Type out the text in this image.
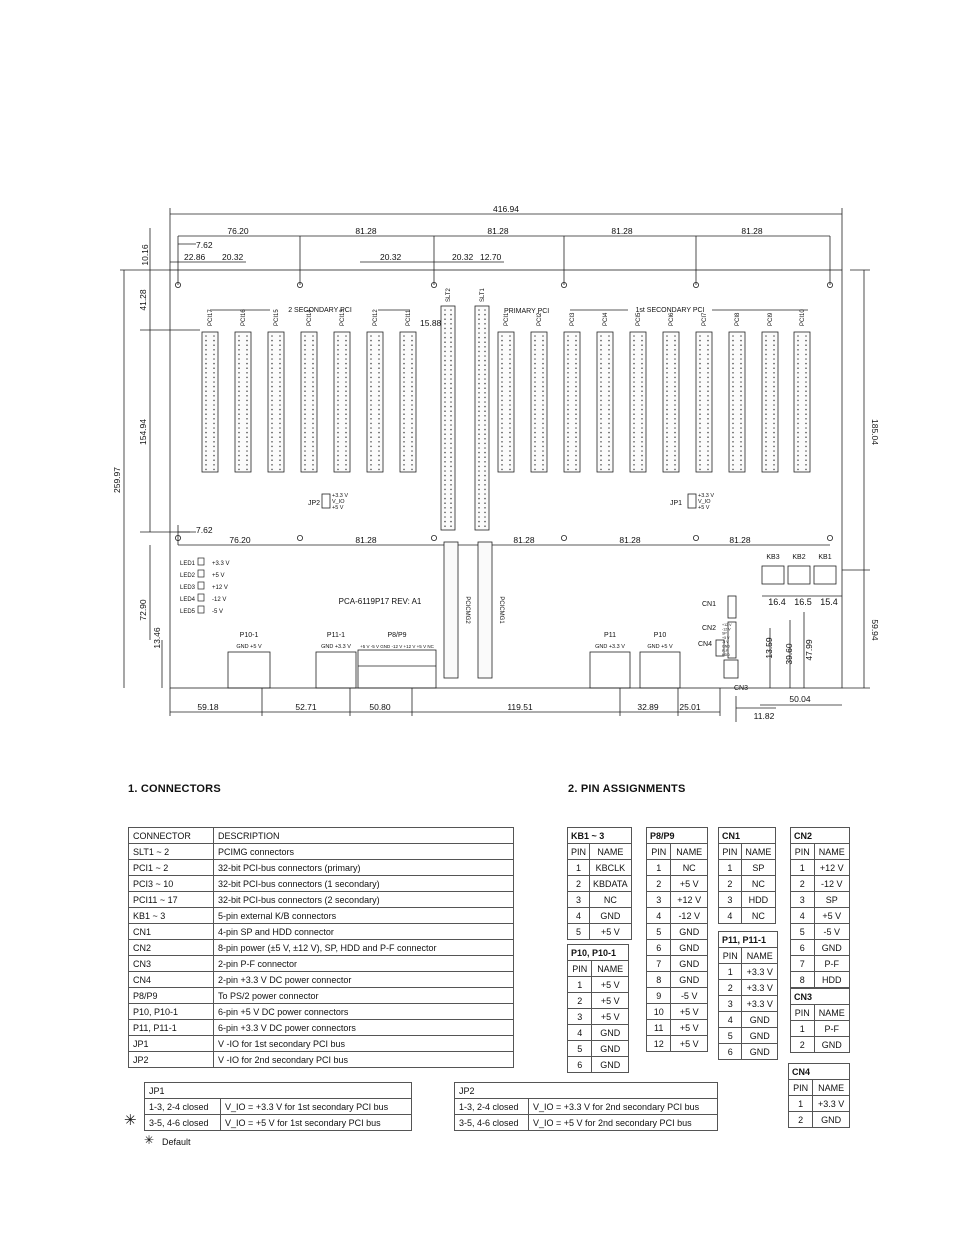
416.94
76.20	81.28	81.28	81.28	81.28
7.62
22.86 20.32	20.32	20.32 12.70
15.88
10.16
41.28
154.94
259.97
72.90
13.46
185.04
59.94
7.62
76.20	81.28	81.28	81.28	81.28
59.18	52.71	50.80	119.51	32.89 25.01
11.82
50.04
16.4 16.5 15.4
13.59 39.60 47.99
2 SECONDARY PCI	PRIMARY PCI	1st SECONDARY PCI
PCI17	PCI16	PCI15	PCI14	PCI13	PCI12	PCI11
SLT2	SLT1
PCI1	PCI2	PCI3	PCI4	PCI5	PCI6	PCI7	PCI8	PCI9	PCI10
PCICMG2	PCICMG1
JP2
+3.3 V
V_IO
+5 V
JP1
+3.3 V
V_IO
+5 V
LED1	+3.3 V
LED2	+5 V
LED3	+12 V
LED4	-12 V
LED5	-5 V
PCA-6119P17 REV: A1
KB3 KB2 KB1
CN1
CN2
CN4
CN3
+12 V
-12 V
SP
+5 V
-5 V
GND
P-F
HDD
P10-1
GND +5 V
P11-1
GND +3.3 V
P8/P9
+5 V -5 V GND -12 V +12 V +5 V NC
P11
GND +3.3 V
P10
GND +5 V
1. CONNECTORS	2. PIN ASSIGNMENTS
CONNECTOR	DESCRIPTION
SLT1 ~ 2	PCIMG connectors
PCI1 ~ 2	32-bit PCI-bus connectors (primary)
PCI3 ~ 10	32-bit PCI-bus connectors (1 secondary)
PCI11 ~ 17	32-bit PCI-bus connectors (2 secondary)
KB1 ~ 3	5-pin external K/B connectors
CN1	4-pin SP and HDD connector
CN2	8-pin power (±5 V, ±12 V), SP, HDD and P-F connector
CN3	2-pin P-F connector
CN4	2-pin +3.3 V DC power connector
P8/P9	To PS/2 power connector
P10, P10-1	6-pin +5 V DC power connectors
P11, P11-1	6-pin +3.3 V DC power connectors
JP1	V -IO for 1st secondary PCI bus
JP2	V -IO for 2nd secondary PCI bus
KB1 ~ 3	
PIN	NAME
1	KBCLK
2	KBDATA
3	NC
4	GND
5	+5 V
P10, P10-1	
PIN	NAME
1	+5 V
2	+5 V
3	+5 V
4	GND
5	GND
6	GND
P8/P9	
PIN	NAME
1	NC
2	+5 V
3	+12 V
4	-12 V
5	GND
6	GND
7	GND
8	GND
9	-5 V
10	+5 V
11	+5 V
12	+5 V
CN1	
PIN	NAME
1	SP
2	NC
3	HDD
4	NC
P11, P11-1	
PIN	NAME
1	+3.3 V
2	+3.3 V
3	+3.3 V
4	GND
5	GND
6	GND
CN2	
PIN	NAME
1	+12 V
2	-12 V
3	SP
4	+5 V
5	-5 V
6	GND
7	P-F
8	HDD
CN3	
PIN	NAME
1	P-F
2	GND
CN4	
PIN	NAME
1	+3.3 V
2	GND
JP1	
1-3, 2-4 closed	V_IO = +3.3 V for 1st secondary PCI bus
3-5, 4-6 closed	V_IO = +5 V for 1st secondary PCI bus
JP2	
1-3, 2-4 closed	V_IO = +3.3 V for 2nd secondary PCI bus
3-5, 4-6 closed	V_IO = +5 V for 2nd secondary PCI bus
✳
✳ Default
